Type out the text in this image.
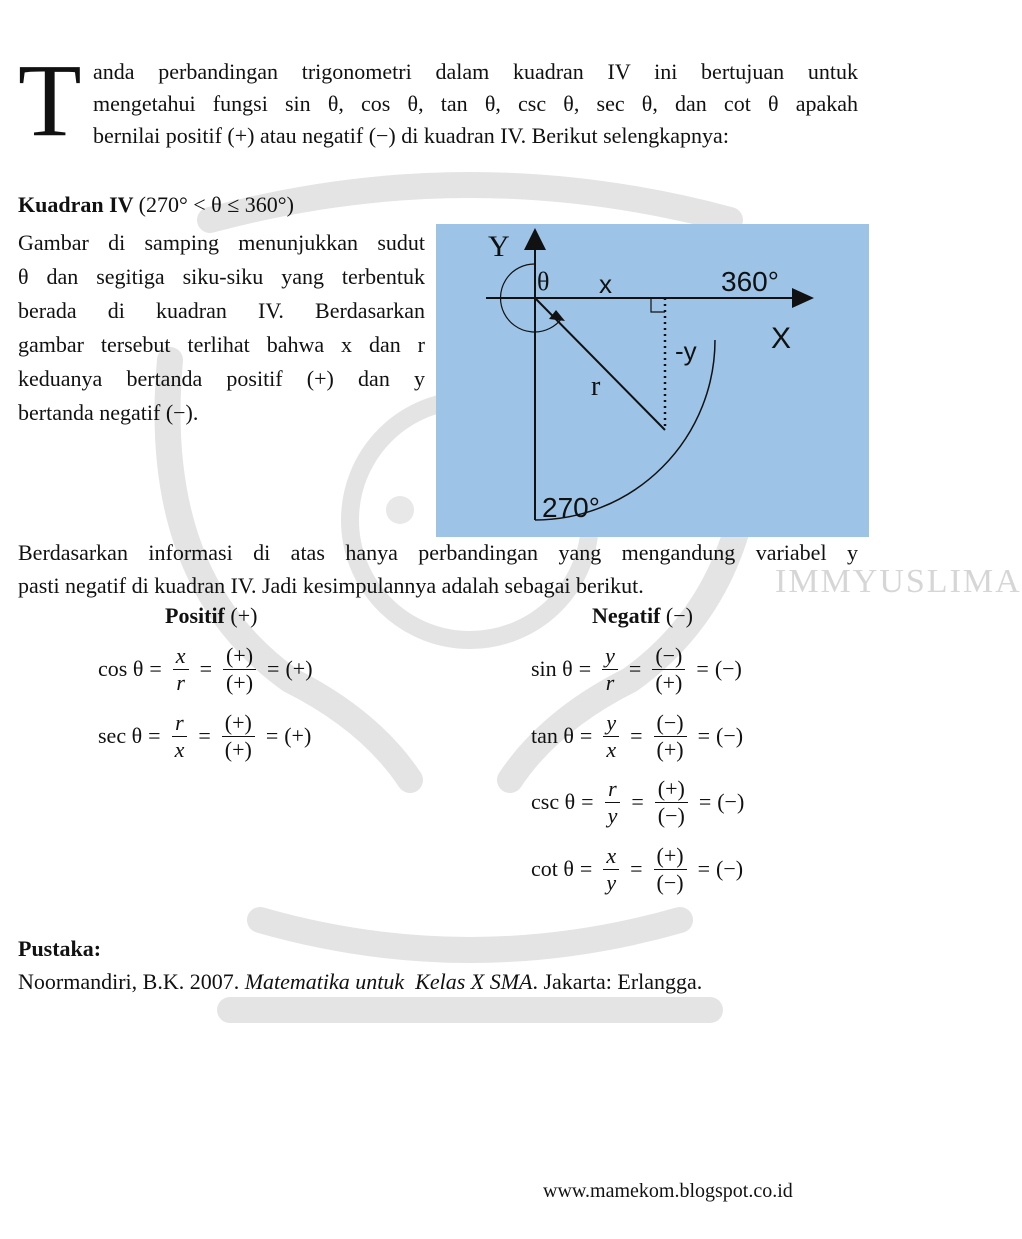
IMMYUSLIMA
T anda perbandingan trigonometri dalam kuadran IV ini bertujuan untuk
mengetahui fungsi sin θ, cos θ, tan θ, csc θ, sec θ, dan cot θ apakah
bernilai positif (+) atau negatif (−) di kuadran IV. Berikut selengkapnya:
Kuadran IV (270° < θ ≤ 360°)
Gambar di samping menunjukkan sudut
θ dan segitiga siku-siku yang terbentuk
berada di kuadran IV. Berdasarkan
gambar tersebut terlihat bahwa x dan r
keduanya bertanda positif (+) dan y
bertanda negatif (−).
Y
θ x	360°
X
-y
r
270°
Berdasarkan informasi di atas hanya perbandingan yang mengandung variabel y
pasti negatif di kuadran IV. Jadi kesimpulannya adalah sebagai berikut.
Positif (+)	Negatif (−)
$\cos \theta = \frac{x}{r} = \frac{(+)}{(+)}$ = (+)
$\sec \theta = \frac{r}{x} = \frac{(+)}{(+)}$ = (+)
$\sin \theta = \frac{y}{r} = \frac{(-)}{(+)}$ = (−)
$\tan \theta = \frac{y}{x} = \frac{(-)}{(+)}$ = (−)
$\csc \theta = \frac{r}{y} = \frac{(+)}{(-)}$ = (−)
$\cot \theta = \frac{x}{y} = \frac{(+)}{(-)}$ = (−)
Pustaka:
Noormandiri, B.K. 2007. Matematika untuk  Kelas X SMA. Jakarta: Erlangga.
www.mamekom.blogspot.co.id
